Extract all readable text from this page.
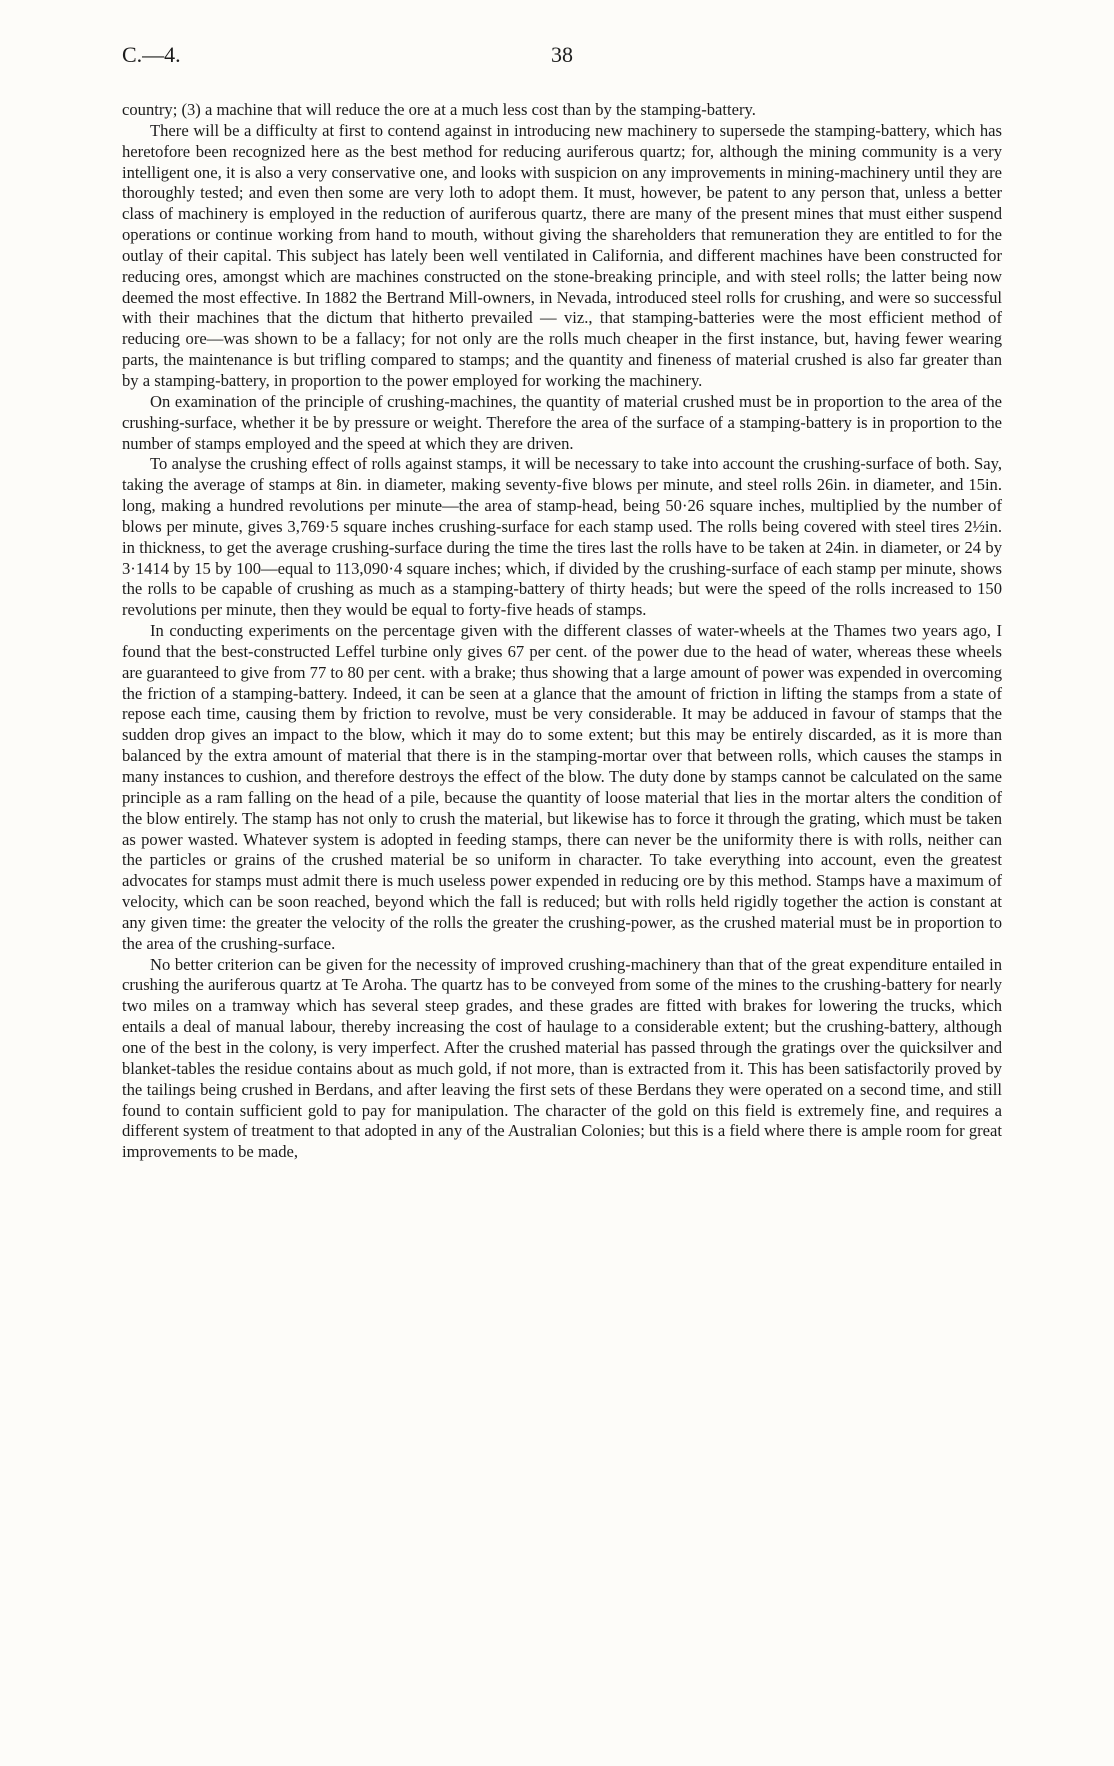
C.—4.	38

country; (3) a machine that will reduce the ore at a much less cost than by the stamping-battery.

There will be a difficulty at first to contend against in introducing new machinery to supersede the stamping-battery, which has heretofore been recognized here as the best method for reducing auriferous quartz; for, although the mining community is a very intelligent one, it is also a very conservative one, and looks with suspicion on any improvements in mining-machinery until they are thoroughly tested; and even then some are very loth to adopt them. It must, however, be patent to any person that, unless a better class of machinery is employed in the reduction of auriferous quartz, there are many of the present mines that must either suspend operations or continue working from hand to mouth, without giving the shareholders that remuneration they are entitled to for the outlay of their capital. This subject has lately been well ventilated in California, and different machines have been constructed for reducing ores, amongst which are machines constructed on the stone-breaking principle, and with steel rolls; the latter being now deemed the most effective. In 1882 the Bertrand Mill-owners, in Nevada, introduced steel rolls for crushing, and were so successful with their machines that the dictum that hitherto prevailed — viz., that stamping-batteries were the most efficient method of reducing ore—was shown to be a fallacy; for not only are the rolls much cheaper in the first instance, but, having fewer wearing parts, the maintenance is but trifling compared to stamps; and the quantity and fineness of material crushed is also far greater than by a stamping-battery, in proportion to the power employed for working the machinery.

On examination of the principle of crushing-machines, the quantity of material crushed must be in proportion to the area of the crushing-surface, whether it be by pressure or weight. Therefore the area of the surface of a stamping-battery is in proportion to the number of stamps employed and the speed at which they are driven.

To analyse the crushing effect of rolls against stamps, it will be necessary to take into account the crushing-surface of both. Say, taking the average of stamps at 8in. in diameter, making seventy-five blows per minute, and steel rolls 26in. in diameter, and 15in. long, making a hundred revolutions per minute—the area of stamp-head, being 50·26 square inches, multiplied by the number of blows per minute, gives 3,769·5 square inches crushing-surface for each stamp used. The rolls being covered with steel tires 2½in. in thickness, to get the average crushing-surface during the time the tires last the rolls have to be taken at 24in. in diameter, or 24 by 3·1414 by 15 by 100—equal to 113,090·4 square inches; which, if divided by the crushing-surface of each stamp per minute, shows the rolls to be capable of crushing as much as a stamping-battery of thirty heads; but were the speed of the rolls increased to 150 revolutions per minute, then they would be equal to forty-five heads of stamps.

In conducting experiments on the percentage given with the different classes of water-wheels at the Thames two years ago, I found that the best-constructed Leffel turbine only gives 67 per cent. of the power due to the head of water, whereas these wheels are guaranteed to give from 77 to 80 per cent. with a brake; thus showing that a large amount of power was expended in overcoming the friction of a stamping-battery. Indeed, it can be seen at a glance that the amount of friction in lifting the stamps from a state of repose each time, causing them by friction to revolve, must be very considerable. It may be adduced in favour of stamps that the sudden drop gives an impact to the blow, which it may do to some extent; but this may be entirely discarded, as it is more than balanced by the extra amount of material that there is in the stamping-mortar over that between rolls, which causes the stamps in many instances to cushion, and therefore destroys the effect of the blow. The duty done by stamps cannot be calculated on the same principle as a ram falling on the head of a pile, because the quantity of loose material that lies in the mortar alters the condition of the blow entirely. The stamp has not only to crush the material, but likewise has to force it through the grating, which must be taken as power wasted. Whatever system is adopted in feeding stamps, there can never be the uniformity there is with rolls, neither can the particles or grains of the crushed material be so uniform in character. To take everything into account, even the greatest advocates for stamps must admit there is much useless power expended in reducing ore by this method. Stamps have a maximum of velocity, which can be soon reached, beyond which the fall is reduced; but with rolls held rigidly together the action is constant at any given time: the greater the velocity of the rolls the greater the crushing-power, as the crushed material must be in proportion to the area of the crushing-surface.

No better criterion can be given for the necessity of improved crushing-machinery than that of the great expenditure entailed in crushing the auriferous quartz at Te Aroha. The quartz has to be conveyed from some of the mines to the crushing-battery for nearly two miles on a tramway which has several steep grades, and these grades are fitted with brakes for lowering the trucks, which entails a deal of manual labour, thereby increasing the cost of haulage to a considerable extent; but the crushing-battery, although one of the best in the colony, is very imperfect. After the crushed material has passed through the gratings over the quicksilver and blanket-tables the residue contains about as much gold, if not more, than is extracted from it. This has been satisfactorily proved by the tailings being crushed in Berdans, and after leaving the first sets of these Berdans they were operated on a second time, and still found to contain sufficient gold to pay for manipulation. The character of the gold on this field is extremely fine, and requires a different system of treatment to that adopted in any of the Australian Colonies; but this is a field where there is ample room for great improvements to be made,
